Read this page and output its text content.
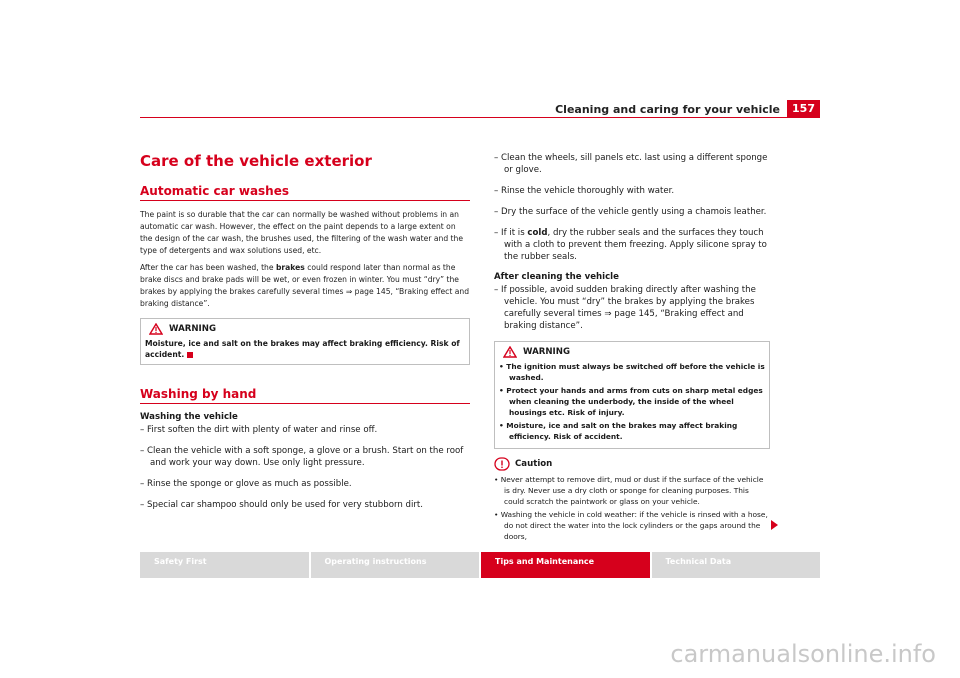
157
Cleaning and caring for your vehicle
Care of the vehicle exterior
Automatic car washes

The paint is so durable that the car can normally be washed without problems in an automatic car wash. However, the effect on the paint depends to a large extent on the design of the car wash, the brushes used, the filtering of the wash water and the type of detergents and wax solutions used, etc.

After the car has been washed, the brakes could respond later than normal as the brake discs and brake pads will be wet, or even frozen in winter. You must “dry” the brakes by applying the brakes carefully several times ⇒ page 145, “Braking effect and braking distance”.

WARNING
Moisture, ice and salt on the brakes may affect braking efficiency. Risk of accident.
Washing by hand
Washing the vehicle
– First soften the dirt with plenty of water and rinse off.
– Clean the vehicle with a soft sponge, a glove or a brush. Start on the roof and work your way down. Use only light pressure.
– Rinse the sponge or glove as much as possible.
– Special car shampoo should only be used for very stubborn dirt.
– Clean the wheels, sill panels etc. last using a different sponge or glove.
– Rinse the vehicle thoroughly with water.
– Dry the surface of the vehicle gently using a chamois leather.
– If it is cold, dry the rubber seals and the surfaces they touch with a cloth to prevent them freezing. Apply silicone spray to the rubber seals.
After cleaning the vehicle
– If possible, avoid sudden braking directly after washing the vehicle. You must “dry” the brakes by applying the brakes carefully several times ⇒ page 145, “Braking effect and braking distance”.
WARNING
• The ignition must always be switched off before the vehicle is washed.
• Protect your hands and arms from cuts on sharp metal edges when cleaning the underbody, the inside of the wheel housings etc. Risk of injury.
• Moisture, ice and salt on the brakes may affect braking efficiency. Risk of accident.
Caution
• Never attempt to remove dirt, mud or dust if the surface of the vehicle is dry. Never use a dry cloth or sponge for cleaning purposes. This could scratch the paintwork or glass on your vehicle.
• Washing the vehicle in cold weather: if the vehicle is rinsed with a hose, do not direct the water into the lock cylinders or the gaps around the doors,
Safety First	Operating instructions	Tips and Maintenance	Technical Data
carmanualsonline.info
